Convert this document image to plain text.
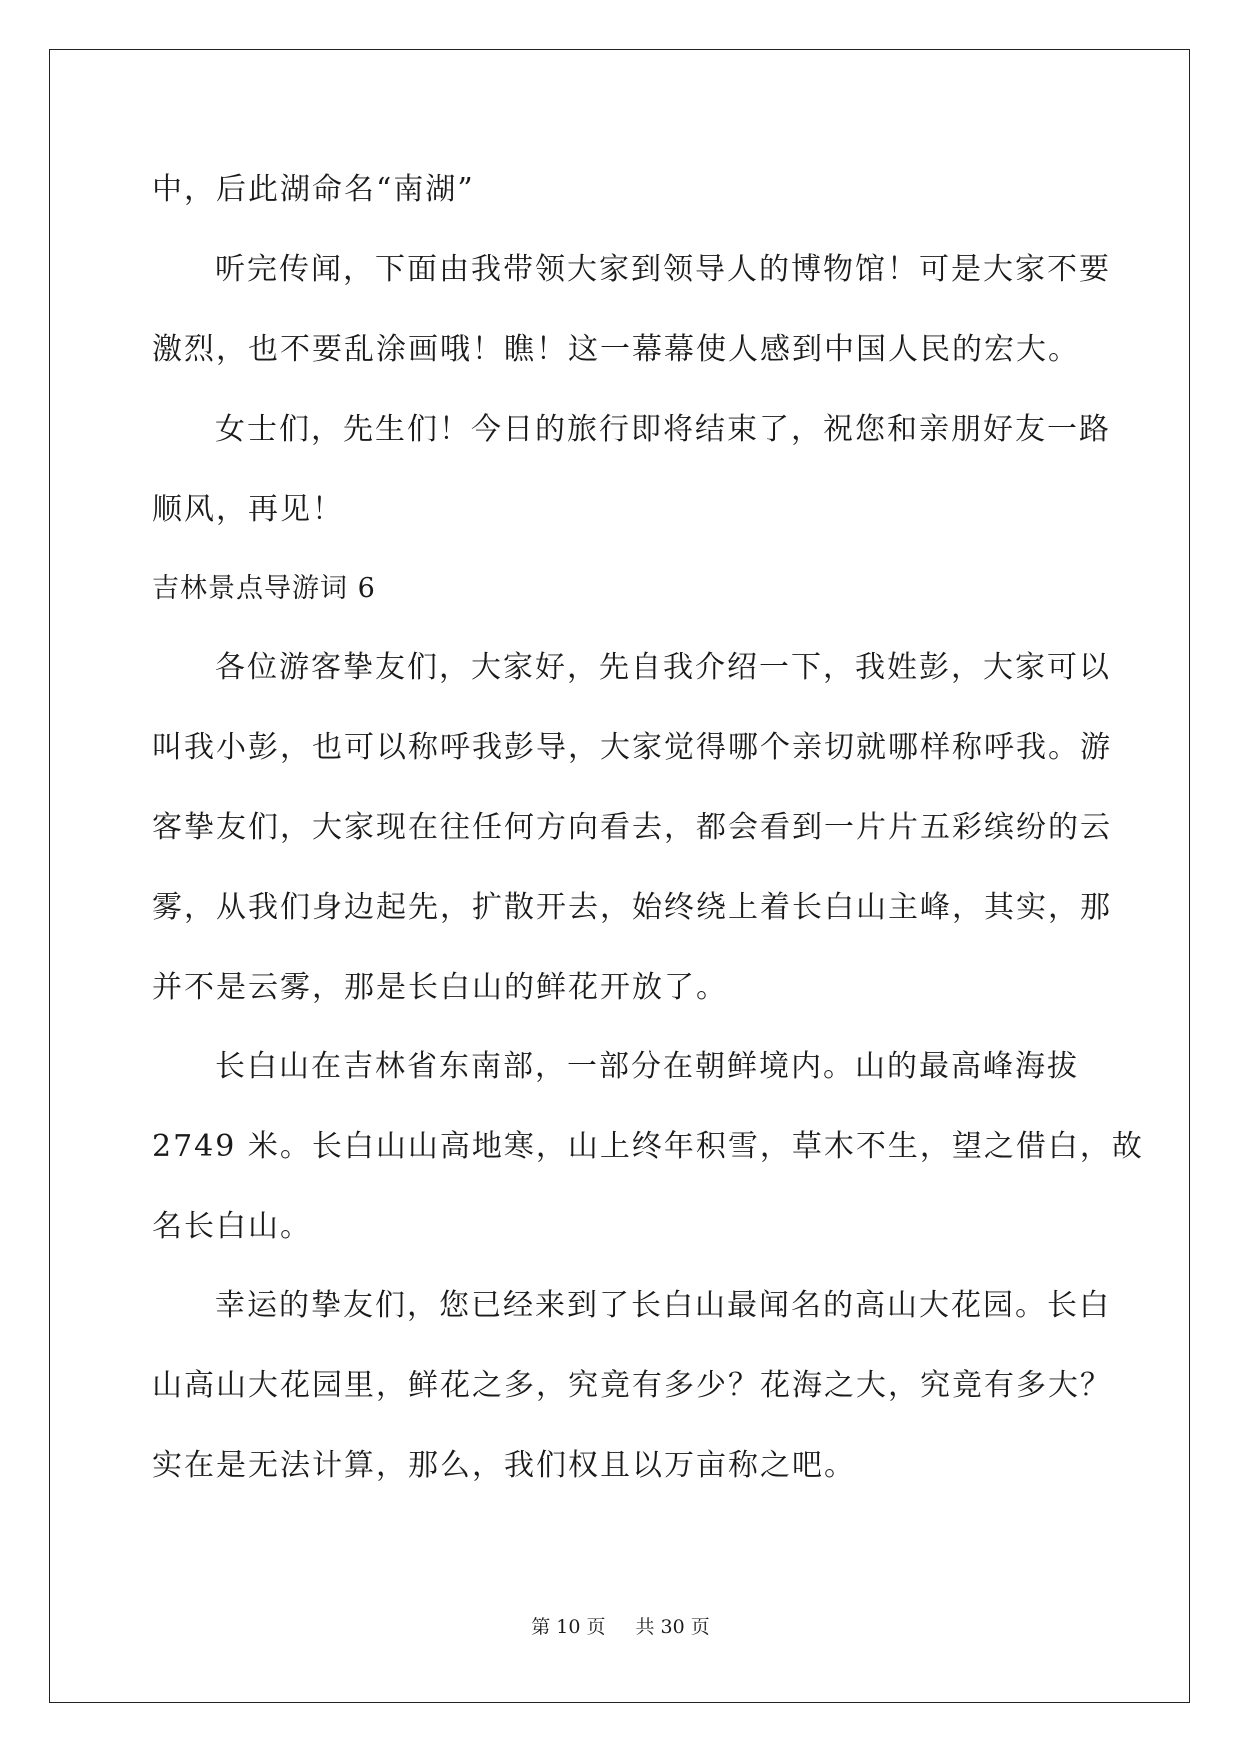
中，后此湖命名“南湖”
听完传闻，下面由我带领大家到领导人的博物馆！可是大家不要
激烈，也不要乱涂画哦！瞧！这一幕幕使人感到中国人民的宏大。
女士们，先生们！今日的旅行即将结束了，祝您和亲朋好友一路
顺风，再见！
吉林景点导游词 6
各位游客挚友们，大家好，先自我介绍一下，我姓彭，大家可以
叫我小彭，也可以称呼我彭导，大家觉得哪个亲切就哪样称呼我。游
客挚友们，大家现在往任何方向看去，都会看到一片片五彩缤纷的云
雾，从我们身边起先，扩散开去，始终绕上着长白山主峰，其实，那
并不是云雾，那是长白山的鲜花开放了。
长白山在吉林省东南部，一部分在朝鲜境内。山的最高峰海拔
2749 米。长白山山高地寒，山上终年积雪，草木不生，望之借白，故
名长白山。
幸运的挚友们，您已经来到了长白山最闻名的高山大花园。长白
山高山大花园里，鲜花之多，究竟有多少？花海之大，究竟有多大？
实在是无法计算，那么，我们权且以万亩称之吧。
第 10 页 共 30 页
